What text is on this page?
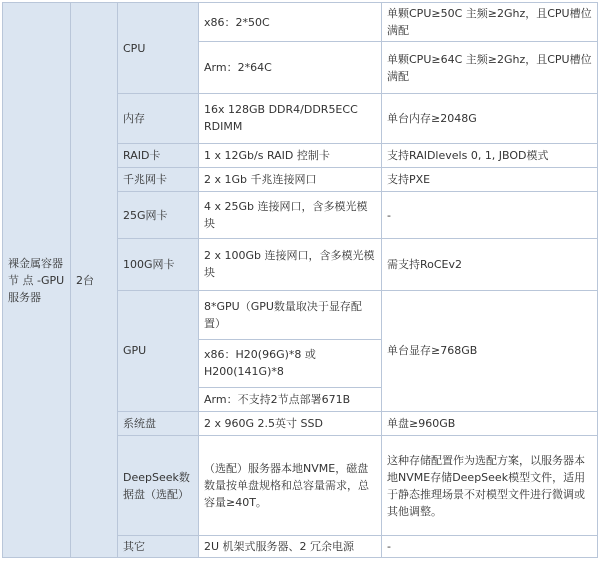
裸金属容器节 点 -GPU 服务器	2台	CPU	x86：2*50C	单颗CPU≥50C 主频≥2Ghz，且CPU槽位满配
			Arm：2*64C	单颗CPU≥64C 主频≥2Ghz，且CPU槽位满配
		内存	16x 128GB DDR4/DDR5ECC RDIMM	单台内存≥2048G
		RAID卡	1 x 12Gb/s RAID 控制卡	支持RAIDlevels 0, 1, JBOD模式
		千兆网卡	2 x 1Gb 千兆连接网口	支持PXE
		25G网卡	4 x 25Gb 连接网口，含多模光模块	-
		100G网卡	2 x 100Gb 连接网口，含多模光模块	需支持RoCEv2
		GPU	8*GPU（GPU数量取决于显存配置）	单台显存≥768GB
			x86：H20(96G)*8 或H200(141G)*8	
			Arm：不支持2节点部署671B	
		系统盘	2 x 960G 2.5英寸 SSD	单盘≥960GB
		DeepSeek数据盘（选配）	（选配）服务器本地NVME，磁盘数量按单盘规格和总容量需求，总容量≥40T。	这种存储配置作为选配方案，以服务器本地NVME存储DeepSeek模型文件，适用于静态推理场景不对模型文件进行微调或其他调整。
		其它	2U 机架式服务器、2 冗余电源	-
